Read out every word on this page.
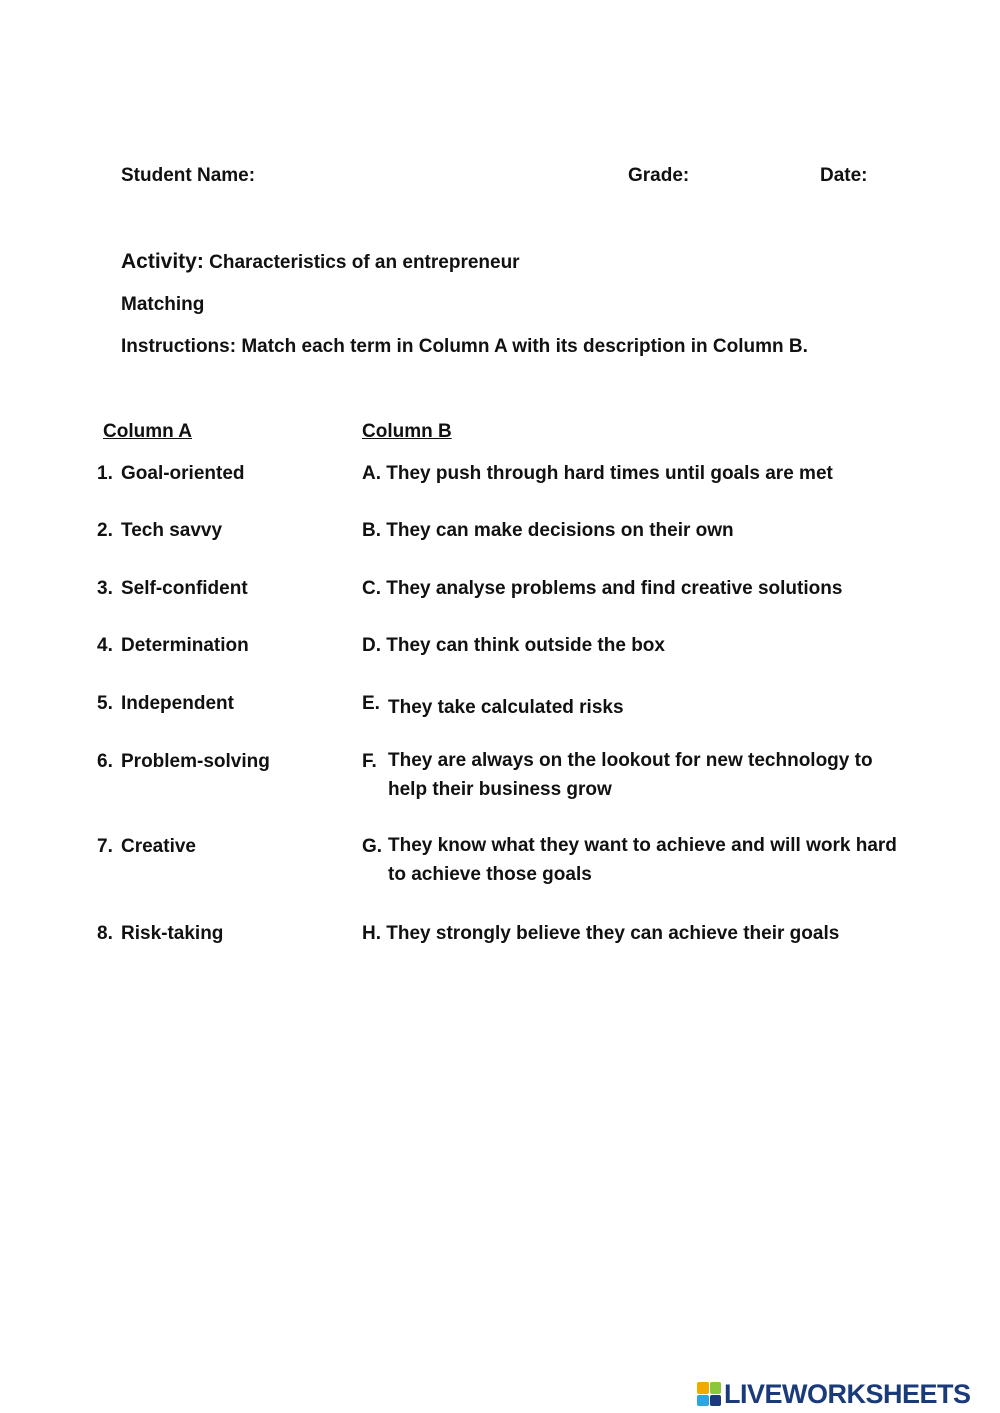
Student Name:	Grade:	Date:
Activity: Characteristics of an entrepreneur
Matching
Instructions: Match each term in Column A with its description in Column B.
Column A	Column B
1. Goal-oriented	A. They push through hard times until goals are met
2. Tech savvy	B. They can make decisions on their own
3. Self-confident	C. They analyse problems and find creative solutions
4. Determination	D. They can think outside the box
5. Independent	E. They take calculated risks
6. Problem-solving	F. They are always on the lookout for new technology to help their business grow
7. Creative	G. They know what they want to achieve and will work hard to achieve those goals
8. Risk-taking	H. They strongly believe they can achieve their goals
LIVEWORKSHEETS
